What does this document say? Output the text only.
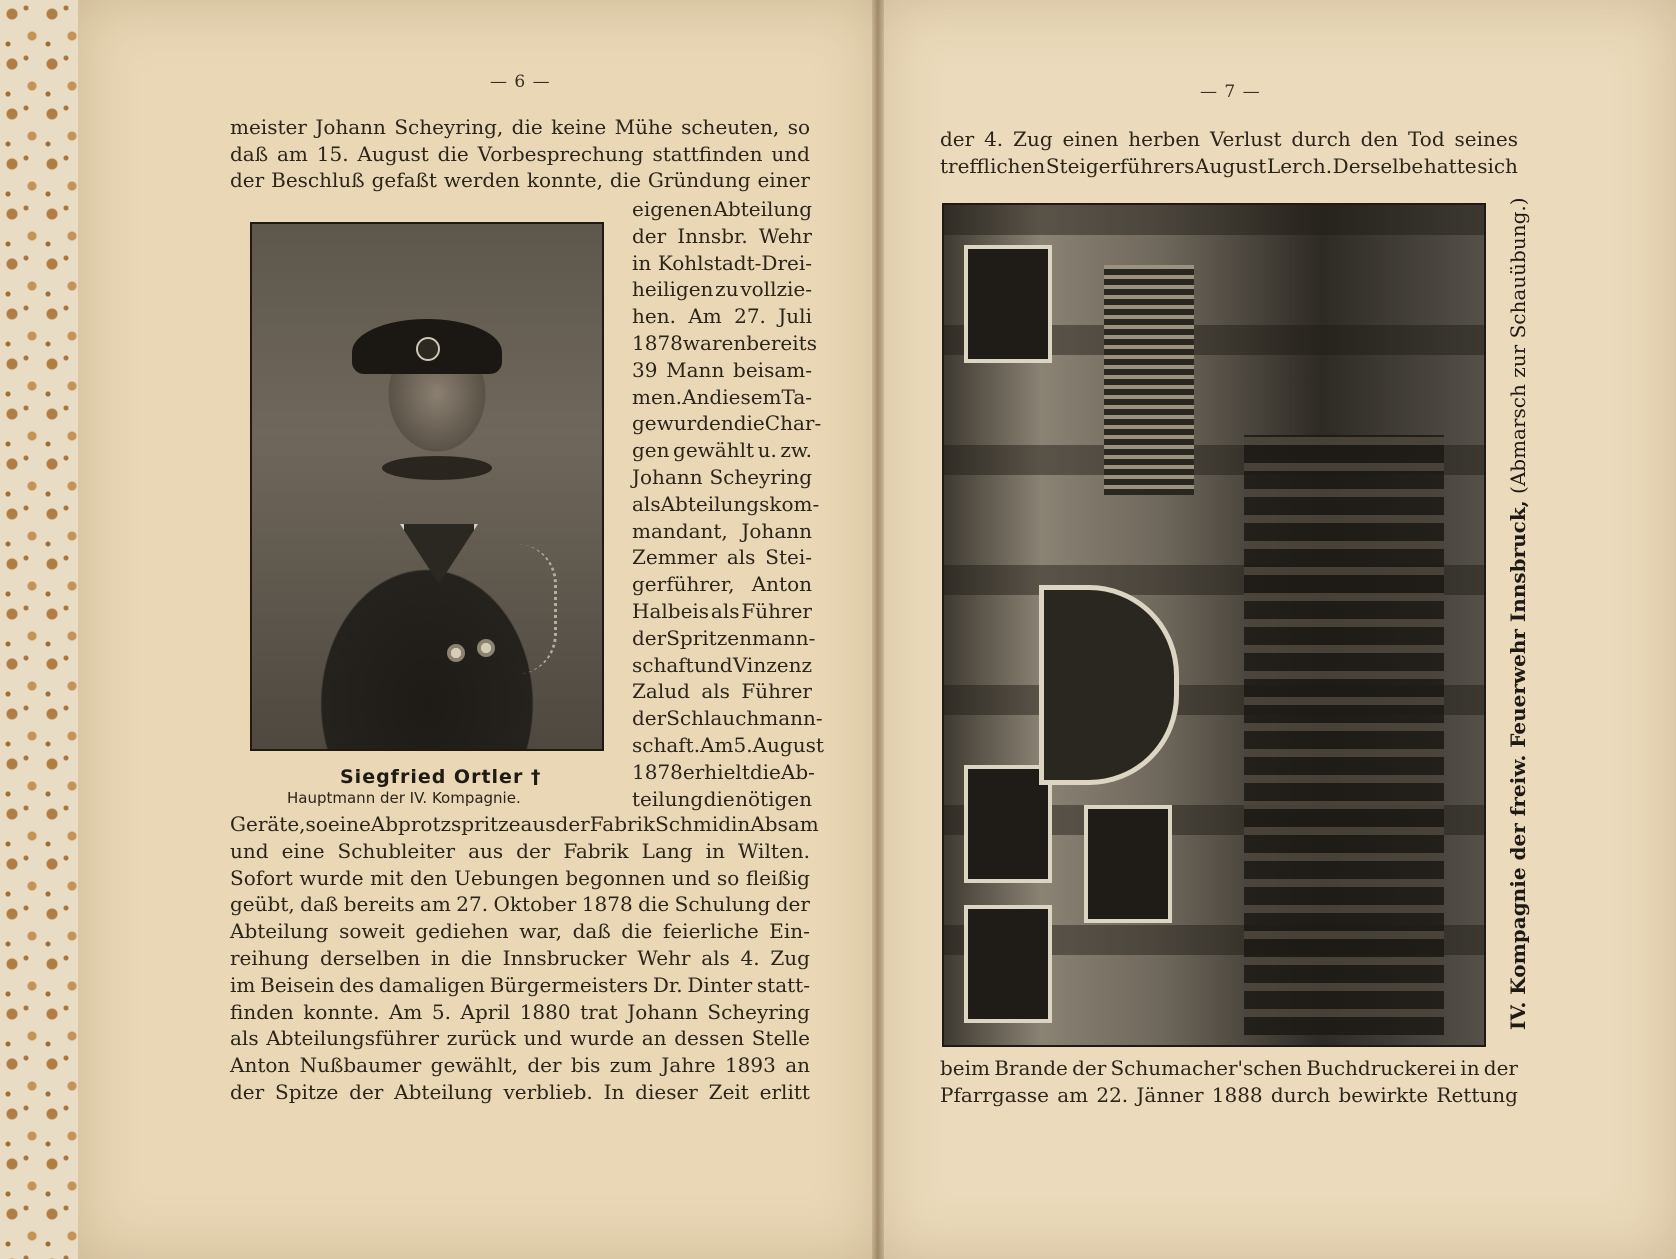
— 6 —	— 7 —
meister Johann Scheyring, die keine Mühe scheuten, so
daß am 15. August die Vorbesprechung stattfinden und
der Beschluß gefaßt werden konnte, die Gründung einer
eigenen Abteilung
der Innsbr. Wehr
in Kohlstadt-Drei-
heiligen zu vollzie-
hen. Am 27. Juli
1878 waren bereits
39 Mann beisam-
men. An diesem Ta-
ge wurden die Char-
gen gewählt u. zw.
Johann Scheyring
als Abteilungskom-
mandant, Johann
Zemmer als Stei-
gerführer, Anton
Halbeis als Führer
der Spritzenmann-
schaft und Vinzenz
Zalud als Führer
der Schlauchmann-
schaft. Am 5. August
1878 erhielt die Ab-
teilung die nötigen
Geräte, so eine Abprotzspritze aus der Fabrik Schmid in Absam
und eine Schubleiter aus der Fabrik Lang in Wilten.
Sofort wurde mit den Uebungen begonnen und so fleißig
geübt, daß bereits am 27. Oktober 1878 die Schulung der
Abteilung soweit gediehen war, daß die feierliche Ein-
reihung derselben in die Innsbrucker Wehr als 4. Zug
im Beisein des damaligen Bürgermeisters Dr. Dinter statt-
finden konnte. Am 5. April 1880 trat Johann Scheyring
als Abteilungsführer zurück und wurde an dessen Stelle
Anton Nußbaumer gewählt, der bis zum Jahre 1893 an
der Spitze der Abteilung verblieb. In dieser Zeit erlitt
Siegfried Ortler †
Hauptmann der IV. Kompagnie.
der 4. Zug einen herben Verlust durch den Tod seines
trefflichen Steigerführers August Lerch. Derselbe hatte sich
IV. Kompagnie der freiw. Feuerwehr Innsbruck, (Abmarsch zur Schauübung.)
beim Brande der Schumacher'schen Buchdruckerei in der
Pfarrgasse am 22. Jänner 1888 durch bewirkte Rettung
